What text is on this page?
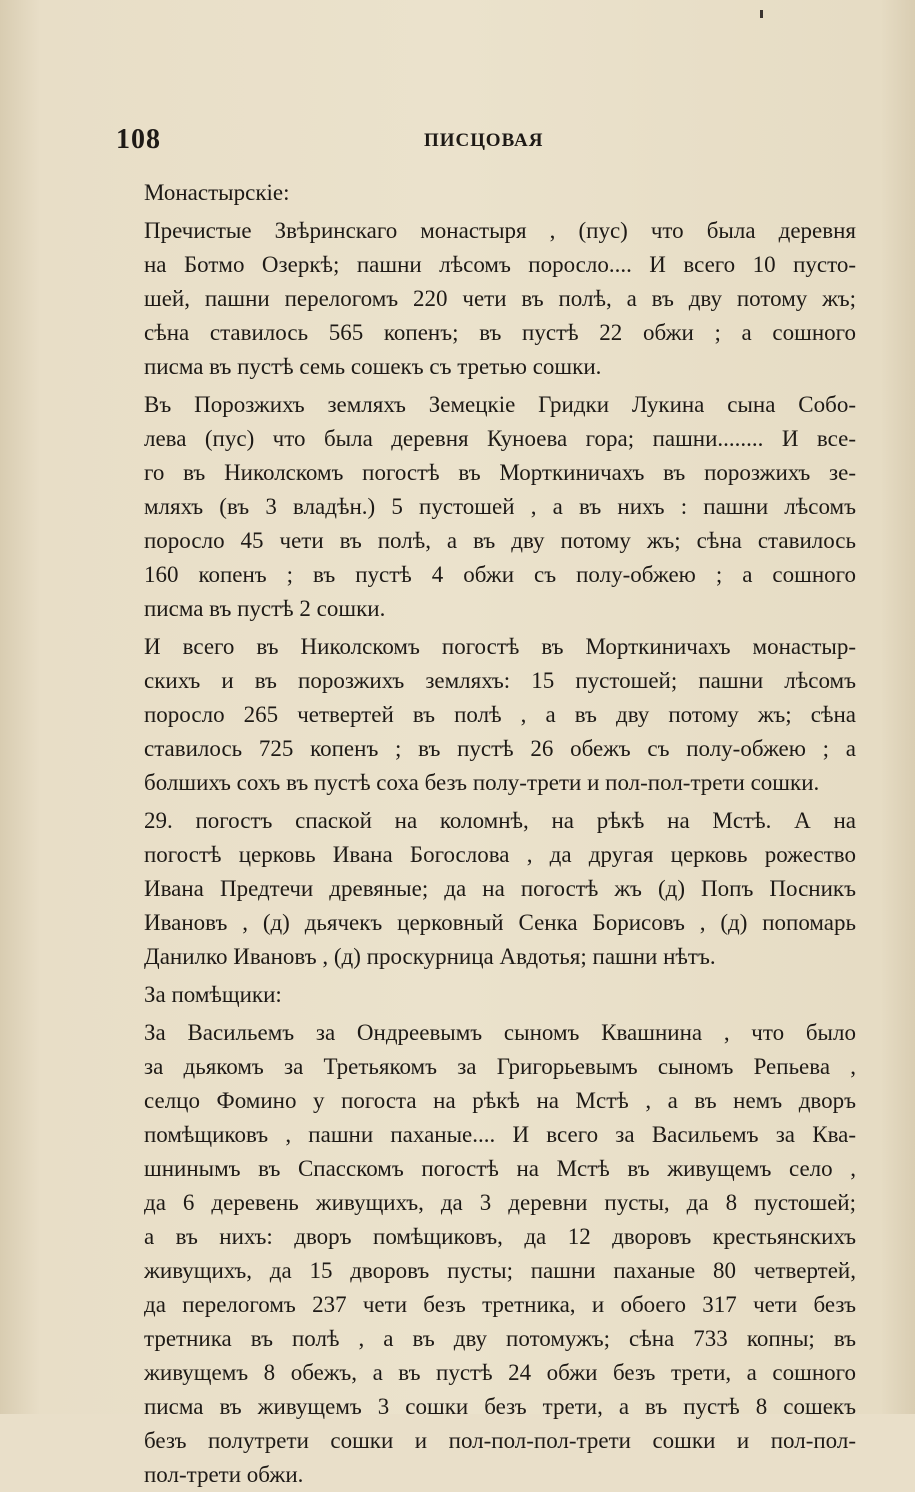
108	ПИСЦОВАЯ
Монастырскіе:
Пречистые Звѣринскаго монастыря , (пус) что была деревня
на Ботмо Озеркѣ; пашни лѣсомъ поросло.... И всего 10 пусто-
шей, пашни перелогомъ 220 чети въ полѣ, а въ дву потому жъ;
сѣна ставилось 565 копенъ; въ пустѣ 22 обжи ; а сошного
писма въ пустѣ семь сошекъ съ третью сошки.
Въ Порозжихъ земляхъ Земецкіе Гридки Лукина сына Собо-
лева (пус) что была деревня Куноева гора; пашни........ И все-
го въ Николскомъ погостѣ въ Морткиничахъ въ порозжихъ зе-
мляхъ (въ 3 владѣн.) 5 пустошей , а въ нихъ : пашни лѣсомъ
поросло 45 чети въ полѣ, а въ дву потому жъ; сѣна ставилось
160 копенъ ; въ пустѣ 4 обжи съ полу-обжею ; а сошного
писма въ пустѣ 2 сошки.
И всего въ Николскомъ погостѣ въ Морткиничахъ монастыр-
скихъ и въ порозжихъ земляхъ: 15 пустошей; пашни лѣсомъ
поросло 265 четвертей въ полѣ , а въ дву потому жъ; сѣна
ставилось 725 копенъ ; въ пустѣ 26 обежъ съ полу-обжею ; а
болшихъ сохъ въ пустѣ соха безъ полу-трети и пол-пол-трети сошки.
29. погостъ спаской на коломнѣ, на рѣкѣ на Мстѣ. А на
погостѣ церковь Ивана Богослова , да другая церковь рожество
Ивана Предтечи древяные; да на погостѣ жъ (д) Попъ Посникъ
Ивановъ , (д) дьячекъ церковный Сенка Борисовъ , (д) попомарь
Данилко Ивановъ , (д) проскурница Авдотья; пашни нѣтъ.
За помѣщики:
За Васильемъ за Ондреевымъ сыномъ Квашнина , что было
за дьякомъ за Третьякомъ за Григорьевымъ сыномъ Репьева ,
селцо Фомино у погоста на рѣкѣ на Мстѣ , а въ немъ дворъ
помѣщиковъ , пашни паханые.... И всего за Васильемъ за Ква-
шнинымъ въ Спасскомъ погостѣ на Мстѣ въ живущемъ село ,
да 6 деревень живущихъ, да 3 деревни пусты, да 8 пустошей;
а въ нихъ: дворъ помѣщиковъ, да 12 дворовъ крестьянскихъ
живущихъ, да 15 дворовъ пусты; пашни паханые 80 четвертей,
да перелогомъ 237 чети безъ третника, и обоего 317 чети безъ
третника въ полѣ , а въ дву потомужъ; сѣна 733 копны; въ
живущемъ 8 обежъ, а въ пустѣ 24 обжи безъ трети, а сошного
писма въ живущемъ 3 сошки безъ трети, а въ пустѣ 8 сошекъ
безъ полутрети сошки и пол-пол-пол-трети сошки и пол-пол-
пол-трети обжи.
